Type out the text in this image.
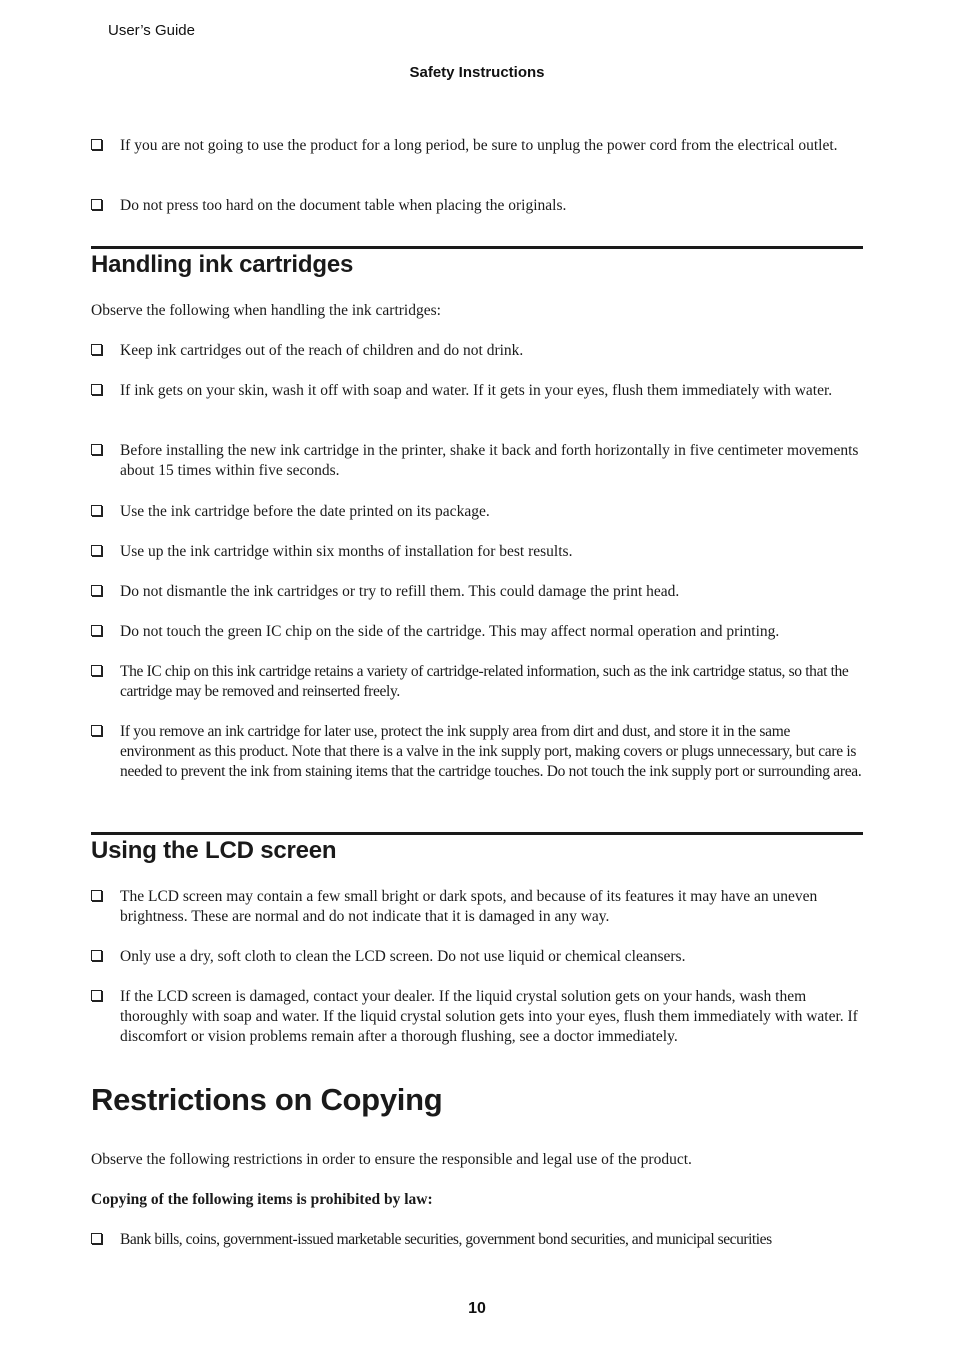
User’s Guide
Safety Instructions
If you are not going to use the product for a long period, be sure to unplug the power cord from the electrical outlet.
Do not press too hard on the document table when placing the originals.
Handling ink cartridges
Observe the following when handling the ink cartridges:
Keep ink cartridges out of the reach of children and do not drink.
If ink gets on your skin, wash it off with soap and water. If it gets in your eyes, flush them immediately with water.
Before installing the new ink cartridge in the printer, shake it back and forth horizontally in five centimeter movements about 15 times within five seconds.
Use the ink cartridge before the date printed on its package.
Use up the ink cartridge within six months of installation for best results.
Do not dismantle the ink cartridges or try to refill them. This could damage the print head.
Do not touch the green IC chip on the side of the cartridge. This may affect normal operation and printing.
The IC chip on this ink cartridge retains a variety of cartridge-related information, such as the ink cartridge status, so that the cartridge may be removed and reinserted freely.
If you remove an ink cartridge for later use, protect the ink supply area from dirt and dust, and store it in the same environment as this product. Note that there is a valve in the ink supply port, making covers or plugs unnecessary, but care is needed to prevent the ink from staining items that the cartridge touches. Do not touch the ink supply port or surrounding area.
Using the LCD screen
The LCD screen may contain a few small bright or dark spots, and because of its features it may have an uneven brightness. These are normal and do not indicate that it is damaged in any way.
Only use a dry, soft cloth to clean the LCD screen. Do not use liquid or chemical cleansers.
If the LCD screen is damaged, contact your dealer. If the liquid crystal solution gets on your hands, wash them thoroughly with soap and water. If the liquid crystal solution gets into your eyes, flush them immediately with water. If discomfort or vision problems remain after a thorough flushing, see a doctor immediately.
Restrictions on Copying
Observe the following restrictions in order to ensure the responsible and legal use of the product.
Copying of the following items is prohibited by law:
Bank bills, coins, government-issued marketable securities, government bond securities, and municipal securities
10
